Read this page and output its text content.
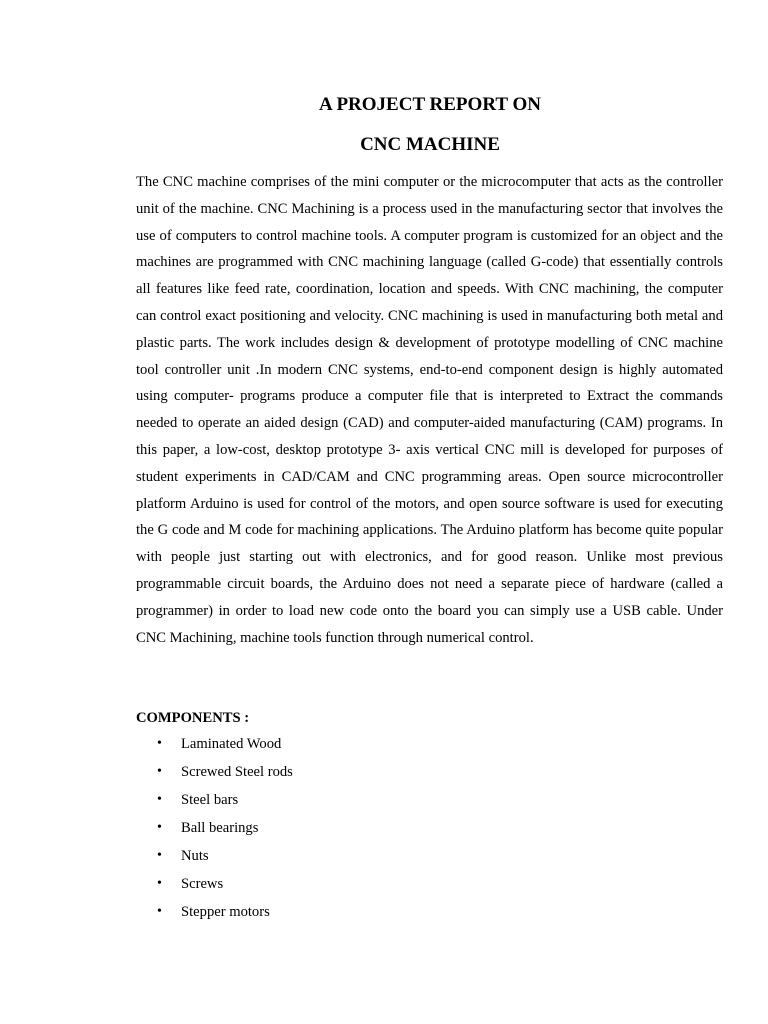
A PROJECT REPORT ON
CNC MACHINE

The CNC machine comprises of the mini computer or the microcomputer that acts as the controller unit of the machine. CNC Machining is a process used in the manufacturing sector that involves the use of computers to control machine tools. A computer program is customized for an object and the machines are programmed with CNC machining language (called G-code) that essentially controls all features like feed rate, coordination, location and speeds. With CNC machining, the computer can control exact positioning and velocity. CNC machining is used in manufacturing both metal and plastic parts. The work includes design & development of prototype modelling of CNC machine tool controller unit .In modern CNC systems, end-to-end component design is highly automated using computer- programs produce a computer file that is interpreted to Extract the commands needed to operate an aided design (CAD) and computer-aided manufacturing (CAM) programs. In this paper, a low-cost, desktop prototype 3- axis vertical CNC mill is developed for purposes of student experiments in CAD/CAM and CNC programming areas. Open source microcontroller platform Arduino is used for control of the motors, and open source software is used for executing the G code and M code for machining applications. The Arduino platform has become quite popular with people just starting out with electronics, and for good reason. Unlike most previous programmable circuit boards, the Arduino does not need a separate piece of hardware (called a programmer) in order to load new code onto the board you can simply use a USB cable. Under CNC Machining, machine tools function through numerical control.

COMPONENTS :

• Laminated Wood
• Screwed Steel rods
• Steel bars
• Ball bearings
• Nuts
• Screws
• Stepper motors
